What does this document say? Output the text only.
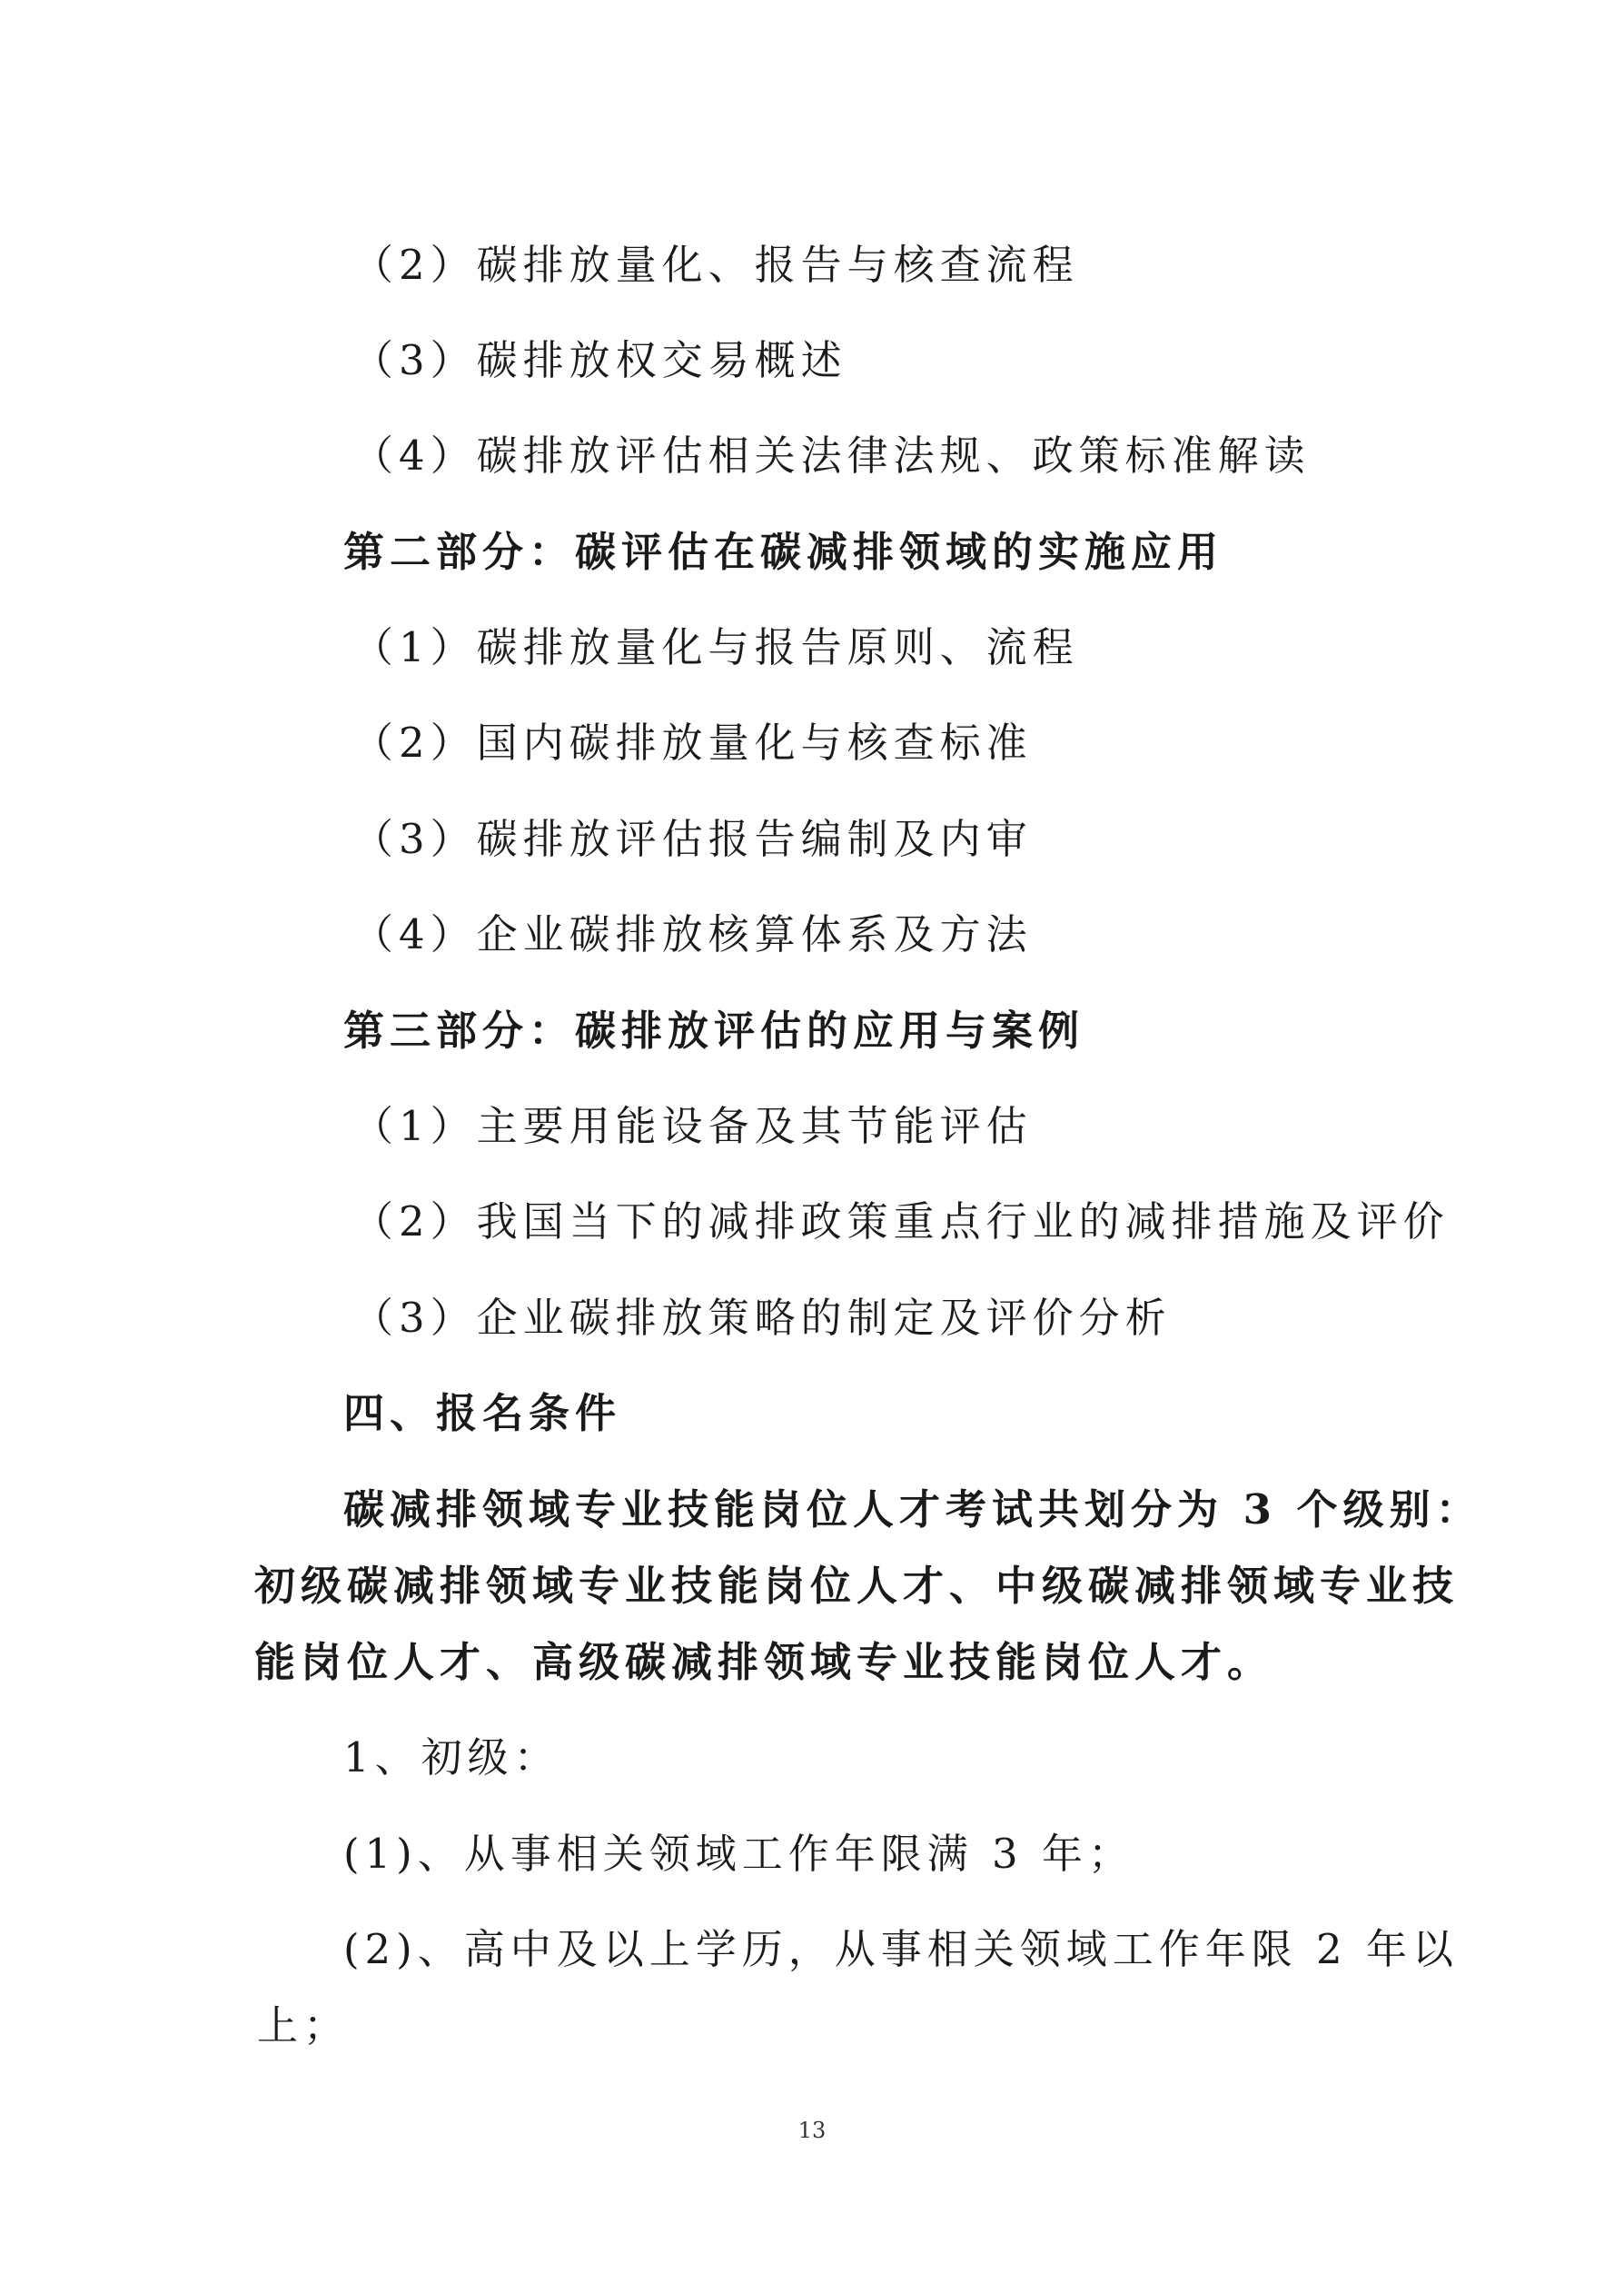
（2）碳排放量化、报告与核查流程
（3）碳排放权交易概述
（4）碳排放评估相关法律法规、政策标准解读
第二部分：碳评估在碳减排领域的实施应用
（1）碳排放量化与报告原则、流程
（2）国内碳排放量化与核查标准
（3）碳排放评估报告编制及内审
（4）企业碳排放核算体系及方法
第三部分：碳排放评估的应用与案例
（1）主要用能设备及其节能评估
（2）我国当下的减排政策重点行业的减排措施及评价
（3）企业碳排放策略的制定及评价分析
四、报名条件
碳减排领域专业技能岗位人才考试共划分为 3 个级别：
初级碳减排领域专业技能岗位人才、中级碳减排领域专业技
能岗位人才、高级碳减排领域专业技能岗位人才。
1、初级：
(1)、从事相关领域工作年限满 3 年；
(2)、高中及以上学历，从事相关领域工作年限 2 年以
上；
13
